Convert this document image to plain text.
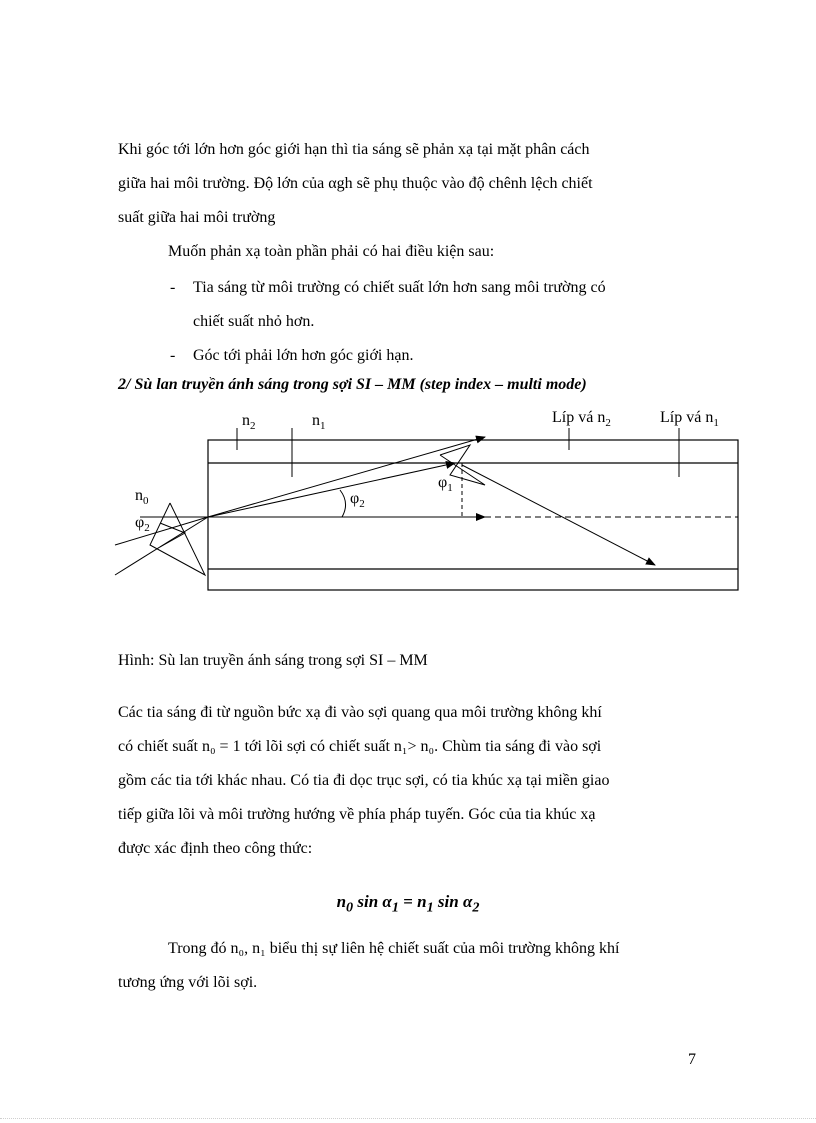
Khi góc tới lớn hơn góc giới hạn thì tia sáng sẽ phản xạ tại mặt phân cách

giữa hai môi trường. Độ lớn của αgh sẽ phụ thuộc vào độ chênh lệch chiết

suất giữa hai môi trường

Muốn phản xạ toàn phần phải có hai điều kiện sau:

- Tia sáng từ môi trường có chiết suất lớn hơn sang môi trường có

chiết suất nhỏ hơn.

- Góc tới phải lớn hơn góc giới hạn.

2/ Sù lan truyền ánh sáng trong sợi SI – MM (step index – multi mode)
$n_2$	$n_1$	Líp vá $n_2$	Líp vá $n_1$
$n_0$
$\varphi_2$
$\varphi_2$
$\varphi_1$

Hình: Sù lan truyền ánh sáng trong sợi SI – MM

Các tia sáng đi từ nguồn bức xạ đi vào sợi quang qua môi trường không khí

có chiết suất n₀ = 1 tới lõi sợi có chiết suất n₁> n₀. Chùm tia sáng đi vào sợi

gồm các tia tới khác nhau. Có tia đi dọc trục sợi, có tia khúc xạ tại miền giao

tiếp giữa lõi và môi trường hướng về phía pháp tuyến. Góc của tia khúc xạ

được xác định theo công thức:

$n_0$ $\sin \alpha_1 = n_1$ $\sin \alpha_2$

Trong đó n₀, n₁ biểu thị sự liên hệ chiết suất của môi trường không khí

tương ứng với lõi sợi.

7
